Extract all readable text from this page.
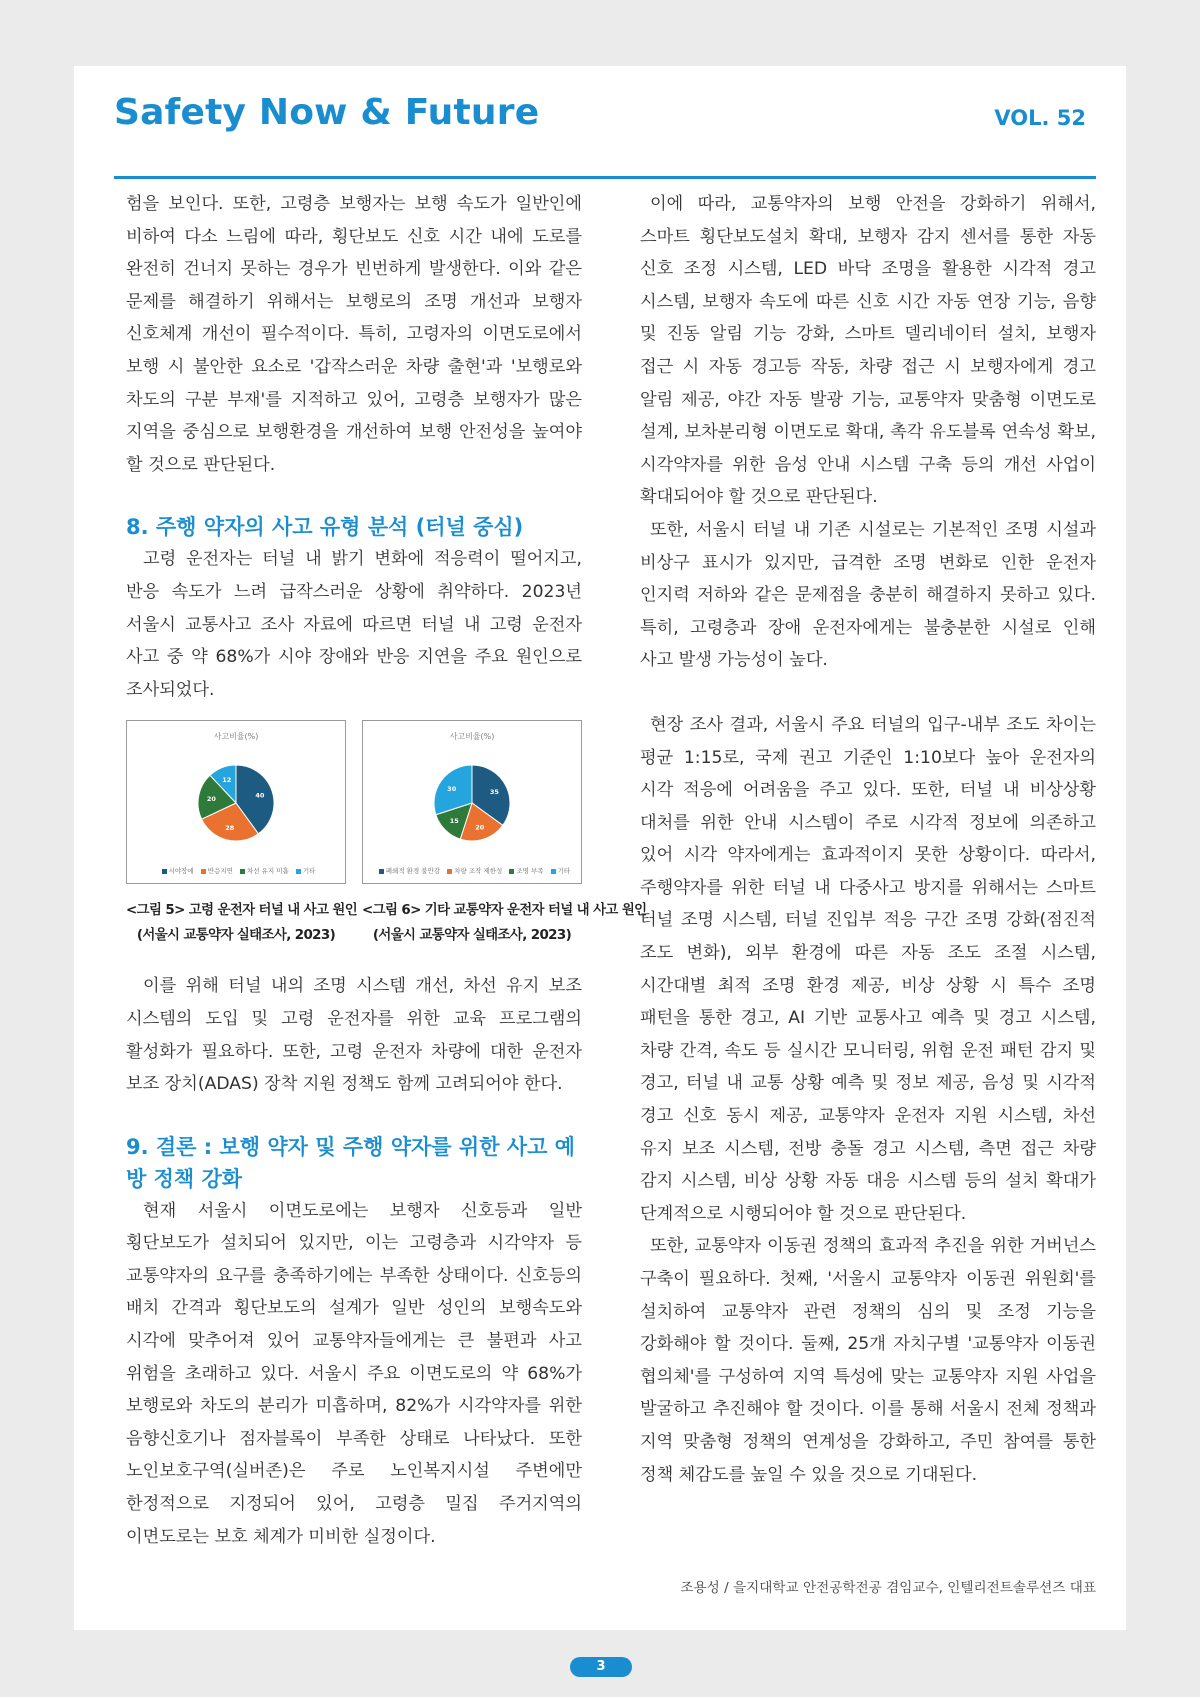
Safety Now & Future	VOL. 52

험을 보인다. 또한, 고령층 보행자는 보행 속도가 일반인에 비하여 다소 느림에 따라, 횡단보도 신호 시간 내에 도로를 완전히 건너지 못하는 경우가 빈번하게 발생한다. 이와 같은 문제를 해결하기 위해서는 보행로의 조명 개선과 보행자 신호체계 개선이 필수적이다. 특히, 고령자의 이면도로에서 보행 시 불안한 요소로 '갑작스러운 차량 출현'과 '보행로와 차도의 구분 부재'를 지적하고 있어, 고령층 보행자가 많은 지역을 중심으로 보행환경을 개선하여 보행 안전성을 높여야 할 것으로 판단된다.

8. 주행 약자의 사고 유형 분석 (터널 중심)

고령 운전자는 터널 내 밝기 변화에 적응력이 떨어지고, 반응 속도가 느려 급작스러운 상황에 취약하다. 2023년 서울시 교통사고 조사 자료에 따르면 터널 내 고령 운전자 사고 중 약 68%가 시야 장애와 반응 지연을 주요 원인으로 조사되었다.

사고비율(%)
40
28
20
12
시야장애 반응지연 차선 유지 미흡 기타
<그림 5> 고령 운전자 터널 내 사고 원인
(서울시 교통약자 실태조사, 2023)
사고비율(%)
35
20
15
30
폐쇄적 환경 불안감 차량 조작 제한성 조명 부족 기타
<그림 6> 기타 교통약자 운전자 터널 내 사고 원인
(서울시 교통약자 실태조사, 2023)

이를 위해 터널 내의 조명 시스템 개선, 차선 유지 보조 시스템의 도입 및 고령 운전자를 위한 교육 프로그램의 활성화가 필요하다. 또한, 고령 운전자 차량에 대한 운전자 보조 장치(ADAS) 장착 지원 정책도 함께 고려되어야 한다.

9. 결론 : 보행 약자 및 주행 약자를 위한 사고 예방 정책 강화

현재 서울시 이면도로에는 보행자 신호등과 일반 횡단보도가 설치되어 있지만, 이는 고령층과 시각약자 등 교통약자의 요구를 충족하기에는 부족한 상태이다. 신호등의 배치 간격과 횡단보도의 설계가 일반 성인의 보행속도와 시각에 맞추어져 있어 교통약자들에게는 큰 불편과 사고 위험을 초래하고 있다. 서울시 주요 이면도로의 약 68%가 보행로와 차도의 분리가 미흡하며, 82%가 시각약자를 위한 음향신호기나 점자블록이 부족한 상태로 나타났다. 또한 노인보호구역(실버존)은 주로 노인복지시설 주변에만 한정적으로 지정되어 있어, 고령층 밀집 주거지역의 이면도로는 보호 체계가 미비한 실정이다.

이에 따라, 교통약자의 보행 안전을 강화하기 위해서, 스마트 횡단보도설치 확대, 보행자 감지 센서를 통한 자동 신호 조정 시스템, LED 바닥 조명을 활용한 시각적 경고 시스템, 보행자 속도에 따른 신호 시간 자동 연장 기능, 음향 및 진동 알림 기능 강화, 스마트 델리네이터 설치, 보행자 접근 시 자동 경고등 작동, 차량 접근 시 보행자에게 경고 알림 제공, 야간 자동 발광 기능, 교통약자 맞춤형 이면도로 설계, 보차분리형 이면도로 확대, 촉각 유도블록 연속성 확보, 시각약자를 위한 음성 안내 시스템 구축 등의 개선 사업이 확대되어야 할 것으로 판단된다.

또한, 서울시 터널 내 기존 시설로는 기본적인 조명 시설과 비상구 표시가 있지만, 급격한 조명 변화로 인한 운전자 인지력 저하와 같은 문제점을 충분히 해결하지 못하고 있다. 특히, 고령층과 장애 운전자에게는 불충분한 시설로 인해 사고 발생 가능성이 높다.

현장 조사 결과, 서울시 주요 터널의 입구-내부 조도 차이는 평균 1:15로, 국제 권고 기준인 1:10보다 높아 운전자의 시각 적응에 어려움을 주고 있다. 또한, 터널 내 비상상황 대처를 위한 안내 시스템이 주로 시각적 정보에 의존하고 있어 시각 약자에게는 효과적이지 못한 상황이다. 따라서, 주행약자를 위한 터널 내 다중사고 방지를 위해서는 스마트 터널 조명 시스템, 터널 진입부 적응 구간 조명 강화(점진적 조도 변화), 외부 환경에 따른 자동 조도 조절 시스템, 시간대별 최적 조명 환경 제공, 비상 상황 시 특수 조명 패턴을 통한 경고, AI 기반 교통사고 예측 및 경고 시스템, 차량 간격, 속도 등 실시간 모니터링, 위험 운전 패턴 감지 및 경고, 터널 내 교통 상황 예측 및 정보 제공, 음성 및 시각적 경고 신호 동시 제공, 교통약자 운전자 지원 시스템, 차선 유지 보조 시스템, 전방 충돌 경고 시스템, 측면 접근 차량 감지 시스템, 비상 상황 자동 대응 시스템 등의 설치 확대가 단계적으로 시행되어야 할 것으로 판단된다.

또한, 교통약자 이동권 정책의 효과적 추진을 위한 거버넌스 구축이 필요하다. 첫째, '서울시 교통약자 이동권 위원회'를 설치하여 교통약자 관련 정책의 심의 및 조정 기능을 강화해야 할 것이다. 둘째, 25개 자치구별 '교통약자 이동권 협의체'를 구성하여 지역 특성에 맞는 교통약자 지원 사업을 발굴하고 추진해야 할 것이다. 이를 통해 서울시 전체 정책과 지역 맞춤형 정책의 연계성을 강화하고, 주민 참여를 통한 정책 체감도를 높일 수 있을 것으로 기대된다.

조용성 / 을지대학교 안전공학전공 겸임교수, 인텔리전트솔루션즈 대표
3
